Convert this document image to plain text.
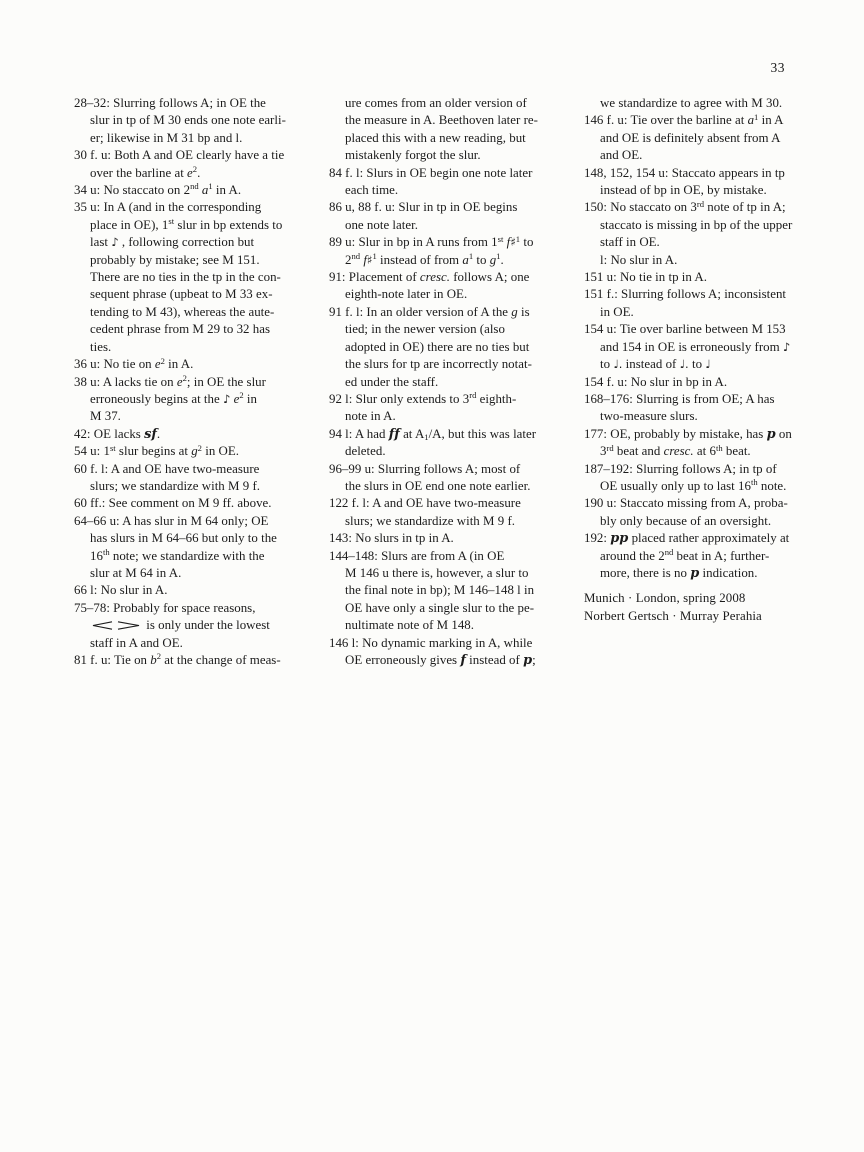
33
28–32: Slurring follows A; in OE the
slur in tp of M 30 ends one note earli-
er; likewise in M 31 bp and l.
30 f. u: Both A and OE clearly have a tie
over the barline at $e^2$.
34 u: No staccato on 2nd $a^1$ in A.
35 u: In A (and in the corresponding
place in OE), 1st slur in bp extends to
last ♪ , following correction but
probably by mistake; see M 151.
There are no ties in the tp in the con-
sequent phrase (upbeat to M 33 ex-
tending to M 43), whereas the aute-
cedent phrase from M 29 to 32 has
ties.
36 u: No tie on $e^2$ in A.
38 u: A lacks tie on $e^2$; in OE the slur
erroneously begins at the ♪ $e^2$ in
M 37.
42: OE lacks sf.
54 u: 1st slur begins at $g^2$ in OE.
60 f. l: A and OE have two-measure
slurs; we standardize with M 9 f.
60 ff.: See comment on M 9 ff. above.
64–66 u: A has slur in M 64 only; OE
has slurs in M 64–66 but only to the
16th note; we standardize with the
slur at M 64 in A.
66 l: No slur in A.
75–78: Probably for space reasons,
is only under the lowest
staff in A and OE.
81 f. u: Tie on $b^2$ at the change of meas-
ure comes from an older version of
the measure in A. Beethoven later re-
placed this with a new reading, but
mistakenly forgot the slur.
84 f. l: Slurs in OE begin one note later
each time.
86 u, 88 f. u: Slur in tp in OE begins
one note later.
89 u: Slur in bp in A runs from 1st f♯$^1$ to
2nd f♯$^1$ instead of from $a^1$ to $g^1$.
91: Placement of cresc. follows A; one
eighth-note later in OE.
91 f. l: In an older version of A the g is
tied; in the newer version (also
adopted in OE) there are no ties but
the slurs for tp are incorrectly notat-
ed under the staff.
92 l: Slur only extends to 3rd eighth-
note in A.
94 l: A had ff at $A_1/A$, but this was later
deleted.
96–99 u: Slurring follows A; most of
the slurs in OE end one note earlier.
122 f. l: A and OE have two-measure
slurs; we standardize with M 9 f.
143: No slurs in tp in A.
144–148: Slurs are from A (in OE
M 146 u there is, however, a slur to
the final note in bp); M 146–148 l in
OE have only a single slur to the pe-
nultimate note of M 148.
146 l: No dynamic marking in A, while
OE erroneously gives f instead of p;
we standardize to agree with M 30.
146 f. u: Tie over the barline at $a^1$ in A
and OE is definitely absent from A
and OE.
148, 152, 154 u: Staccato appears in tp
instead of bp in OE, by mistake.
150: No staccato on 3rd note of tp in A;
staccato is missing in bp of the upper
staff in OE.
l: No slur in A.
151 u: No tie in tp in A.
151 f.: Slurring follows A; inconsistent
in OE.
154 u: Tie over barline between M 153
and 154 in OE is erroneously from ♪
to ♩. instead of ♩. to ♩
154 f. u: No slur in bp in A.
168–176: Slurring is from OE; A has
two-measure slurs.
177: OE, probably by mistake, has p on
3rd beat and cresc. at 6th beat.
187–192: Slurring follows A; in tp of
OE usually only up to last 16th note.
190 u: Staccato missing from A, proba-
bly only because of an oversight.
192: pp placed rather approximately at
around the 2nd beat in A; further-
more, there is no p indication.
Munich · London, spring 2008
Norbert Gertsch · Murray Perahia
